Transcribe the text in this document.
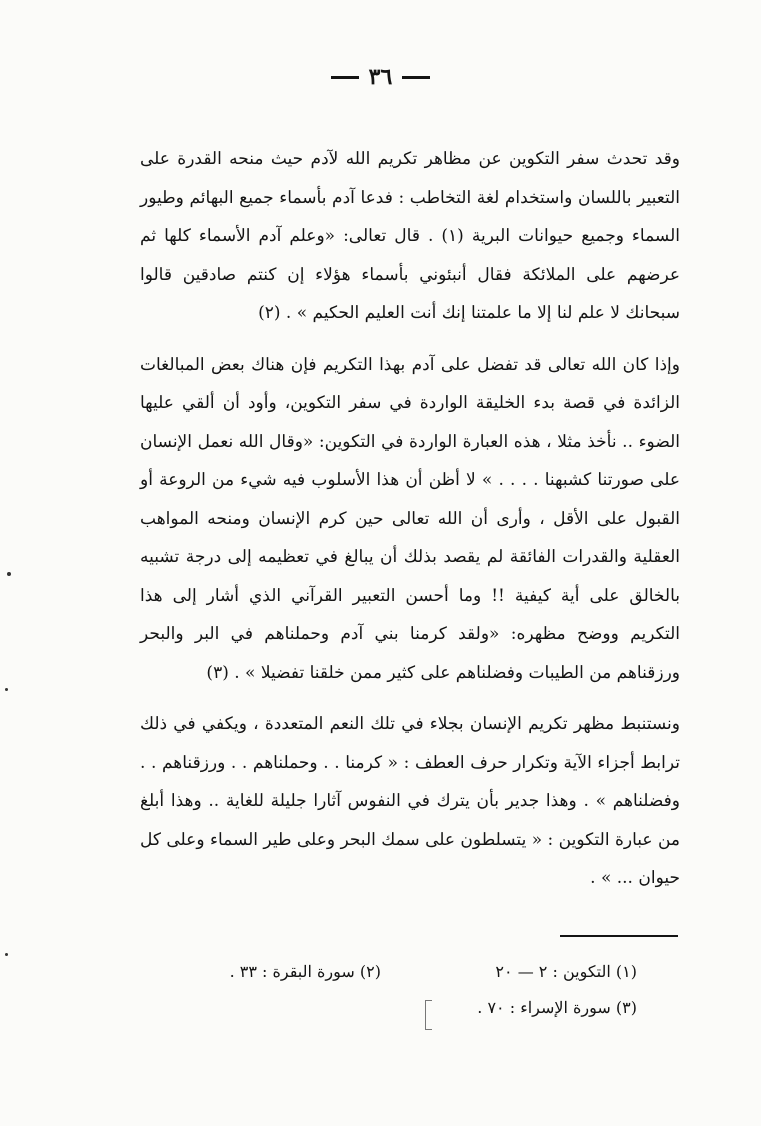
٣٦

وقد تحدث سفر التكوين عن مظاهر تكريم الله لآدم حيث منحه القدرة على التعبير باللسان واستخدام لغة التخاطب : فدعا آدم بأسماء جميع البهائم وطيور السماء وجميع حيوانات البرية (١) . قال تعالى: «وعلم آدم الأسماء كلها ثم عرضهم على الملائكة فقال أنبئوني بأسماء هؤلاء إن كنتم صادقين قالوا سبحانك لا علم لنا إلا ما علمتنا إنك أنت العليم الحكيم » . (٢)

وإذا كان الله تعالى قد تفضل على آدم بهذا التكريم فإن هناك بعض المبالغات الزائدة في قصة بدء الخليقة الواردة في سفر التكوين، وأود أن ألقي عليها الضوء .. نأخذ مثلا ، هذه العبارة الواردة في التكوين: «وقال الله نعمل الإنسان على صورتنا كشبهنا . . . . » لا أظن أن هذا الأسلوب فيه شيء من الروعة أو القبول على الأقل ، وأرى أن الله تعالى حين كرم الإنسان ومنحه المواهب العقلية والقدرات الفائقة لم يقصد بذلك أن يبالغ في تعظيمه إلى درجة تشبيه بالخالق على أية كيفية !! وما أحسن التعبير القرآني الذي أشار إلى هذا التكريم ووضح مظهره: «ولقد كرمنا بني آدم وحملناهم في البر والبحر ورزقناهم من الطيبات وفضلناهم على كثير ممن خلقنا تفضيلا » . (٣)

ونستنبط مظهر تكريم الإنسان بجلاء في تلك النعم المتعددة ، ويكفي في ذلك ترابط أجزاء الآية وتكرار حرف العطف : « كرمنا . . وحملناهم . . ورزقناهم . . وفضلناهم » . وهذا جدير بأن يترك في النفوس آثارا جليلة للغاية .. وهذا أبلغ من عبارة التكوين : « يتسلطون على سمك البحر وعلى طير السماء وعلى كل حيوان ... » .

(١) التكوين : ٢ — ٢٠
(٢) سورة البقرة : ٣٣ .
(٣) سورة الإسراء : ٧٠ .
